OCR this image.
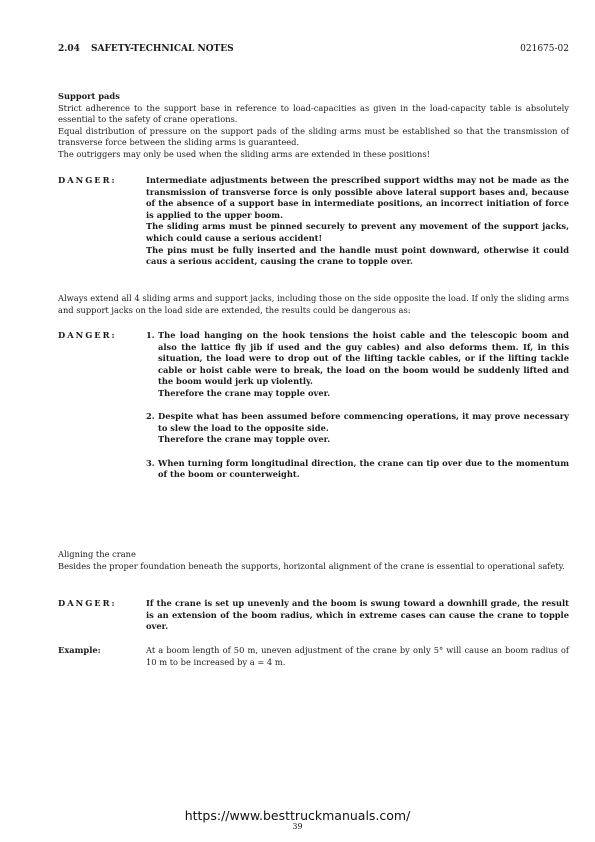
2.04 SAFETY-TECHNICAL NOTES	021675-02
Support pads
Strict adherence to the support base in reference to load-capacities as given in the load-capacity table is absolutely essential to the safety of crane operations.
Equal distribution of pressure on the support pads of the sliding arms must be established so that the transmission of transverse force between the sliding arms is guaranteed.
The outriggers may only be used when the sliding arms are extended in these positions!
DANGER:	Intermediate adjustments between the prescribed support widths may not be made as the transmission of transverse force is only possible above lateral support bases and, because of the absence of a support base in intermediate positions, an incorrect initiation of force is applied to the upper boom.

The sliding arms must be pinned securely to prevent any movement of the support jacks, which could cause a serious accident!

The pins must be fully inserted and the handle must point downward, otherwise it could caus a serious accident, causing the crane to topple over.

Always extend all 4 sliding arms and support jacks, including those on the side opposite the load. If only the sliding arms and support jacks on the load side are extended, the results could be dangerous as:
DANGER:	1. The load hanging on the hook tensions the hoist cable and the telescopic boom and also the lattice fly jib if used and the guy cables) and also deforms them. If, in this situation, the load were to drop out of the lifting tackle cables, or if the lifting tackle cable or hoist cable were to break, the load on the boom would be suddenly lifted and the boom would jerk up violently.
Therefore the crane may topple over.
2. Despite what has been assumed before commencing operations, it may prove necessary to slew the load to the opposite side.
Therefore the crane may topple over.
3. When turning form longitudinal direction, the crane can tip over due to the momentum of the boom or counterweight.
Aligning the crane
Besides the proper foundation beneath the supports, horizontal alignment of the crane is essential to operational safety.
DANGER:	If the crane is set up unevenly and the boom is swung toward a downhill grade, the result is an extension of the boom radius, which in extreme cases can cause the crane to topple over.
Example:	At a boom length of 50 m, uneven adjustment of the crane by only 5° will cause an boom radius of 10 m to be increased by a = 4 m.
https://www.besttruckmanuals.com/
39
